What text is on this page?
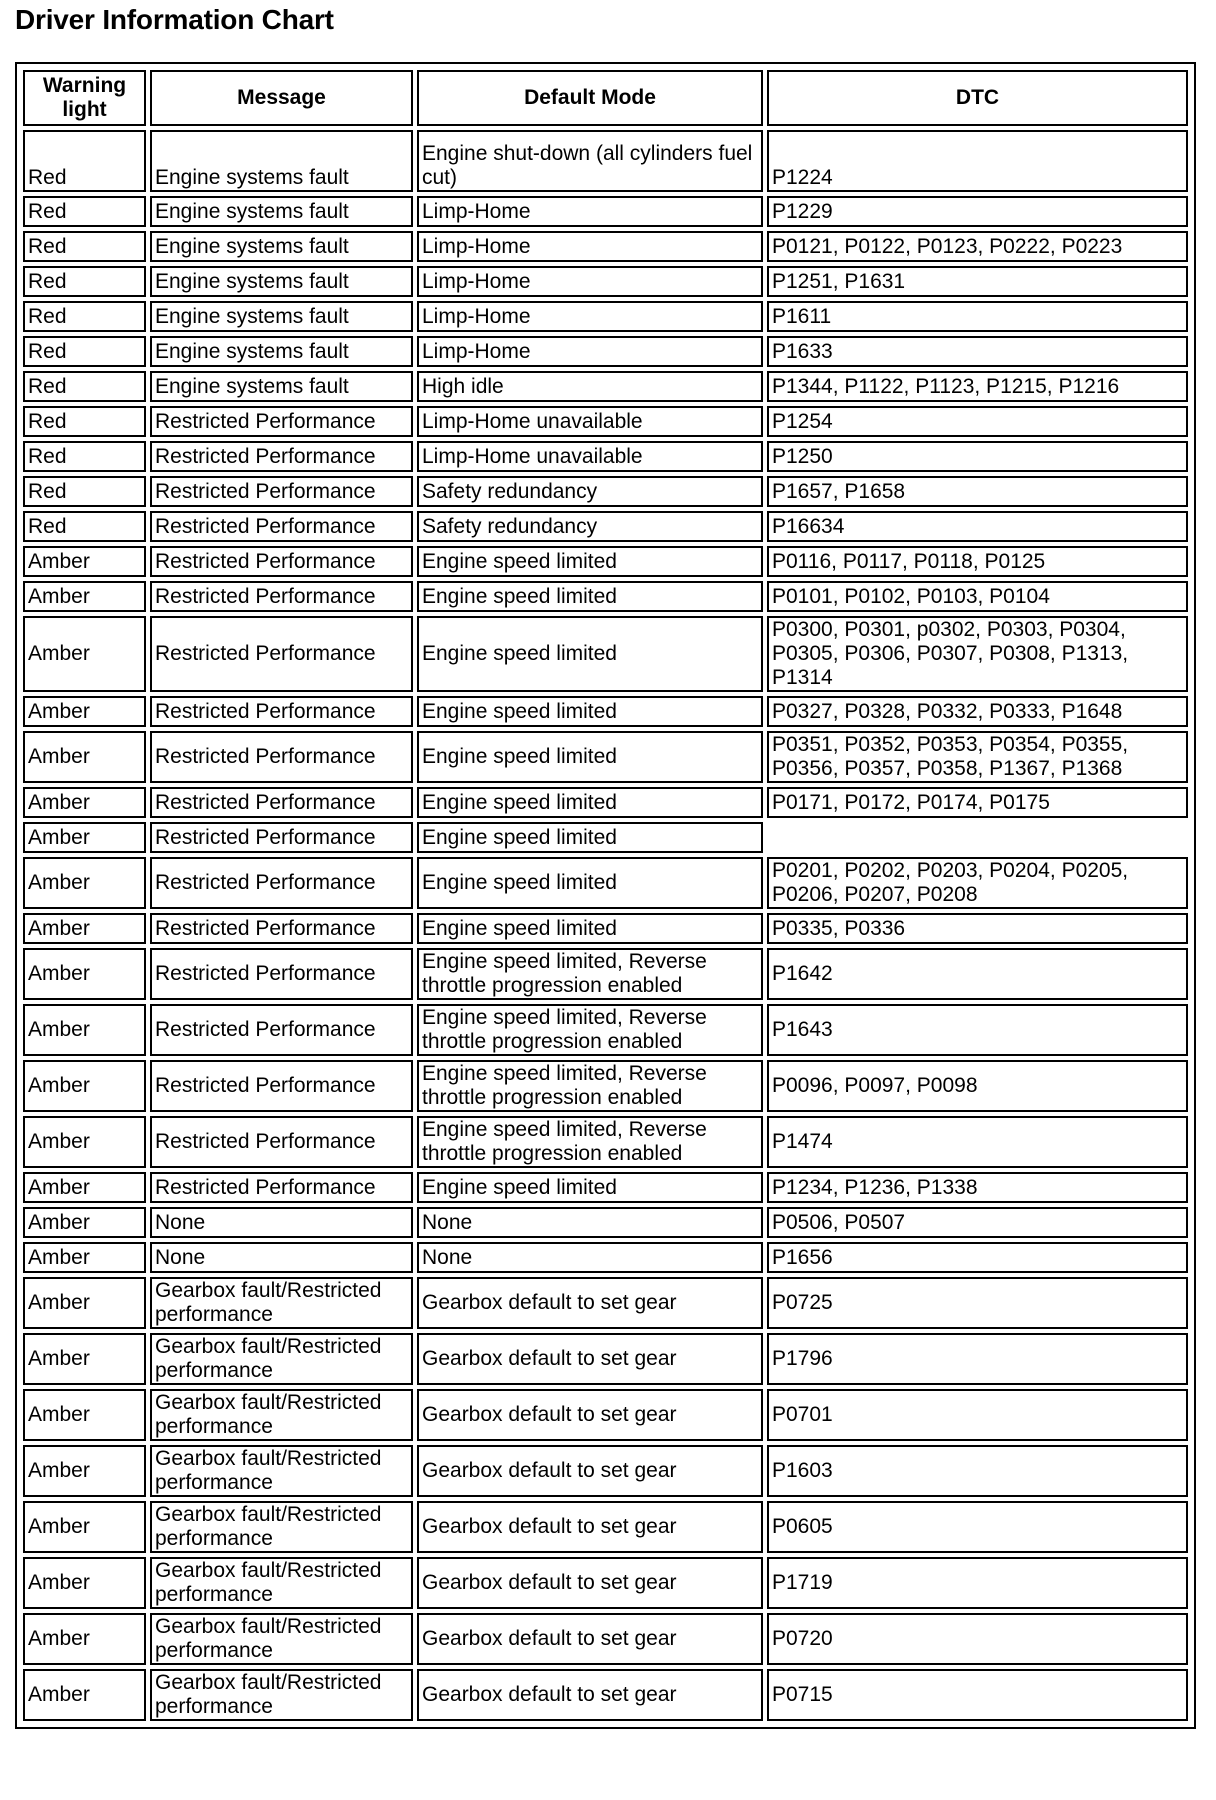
Driver Information Chart
Warning light	Message	Default Mode	DTC
Red	Engine systems fault	Engine shut-down (all cylinders fuel cut)	P1224
Red	Engine systems fault	Limp-Home	P1229
Red	Engine systems fault	Limp-Home	P0121, P0122, P0123, P0222, P0223
Red	Engine systems fault	Limp-Home	P1251, P1631
Red	Engine systems fault	Limp-Home	P1611
Red	Engine systems fault	Limp-Home	P1633
Red	Engine systems fault	High idle	P1344, P1122, P1123, P1215, P1216
Red	Restricted Performance	Limp-Home unavailable	P1254
Red	Restricted Performance	Limp-Home unavailable	P1250
Red	Restricted Performance	Safety redundancy	P1657, P1658
Red	Restricted Performance	Safety redundancy	P16634
Amber	Restricted Performance	Engine speed limited	P0116, P0117, P0118, P0125
Amber	Restricted Performance	Engine speed limited	P0101, P0102, P0103, P0104
Amber	Restricted Performance	Engine speed limited	P0300, P0301, p0302, P0303, P0304, P0305, P0306, P0307, P0308, P1313, P1314
Amber	Restricted Performance	Engine speed limited	P0327, P0328, P0332, P0333, P1648
Amber	Restricted Performance	Engine speed limited	P0351, P0352, P0353, P0354, P0355, P0356, P0357, P0358, P1367, P1368
Amber	Restricted Performance	Engine speed limited	P0171, P0172, P0174, P0175
Amber	Restricted Performance	Engine speed limited	
Amber	Restricted Performance	Engine speed limited	P0201, P0202, P0203, P0204, P0205, P0206, P0207, P0208
Amber	Restricted Performance	Engine speed limited	P0335, P0336
Amber	Restricted Performance	Engine speed limited, Reverse throttle progression enabled	P1642
Amber	Restricted Performance	Engine speed limited, Reverse throttle progression enabled	P1643
Amber	Restricted Performance	Engine speed limited, Reverse throttle progression enabled	P0096, P0097, P0098
Amber	Restricted Performance	Engine speed limited, Reverse throttle progression enabled	P1474
Amber	Restricted Performance	Engine speed limited	P1234, P1236, P1338
Amber	None	None	P0506, P0507
Amber	None	None	P1656
Amber	Gearbox fault/Restricted performance	Gearbox default to set gear	P0725
Amber	Gearbox fault/Restricted performance	Gearbox default to set gear	P1796
Amber	Gearbox fault/Restricted performance	Gearbox default to set gear	P0701
Amber	Gearbox fault/Restricted performance	Gearbox default to set gear	P1603
Amber	Gearbox fault/Restricted performance	Gearbox default to set gear	P0605
Amber	Gearbox fault/Restricted performance	Gearbox default to set gear	P1719
Amber	Gearbox fault/Restricted performance	Gearbox default to set gear	P0720
Amber	Gearbox fault/Restricted performance	Gearbox default to set gear	P0715
